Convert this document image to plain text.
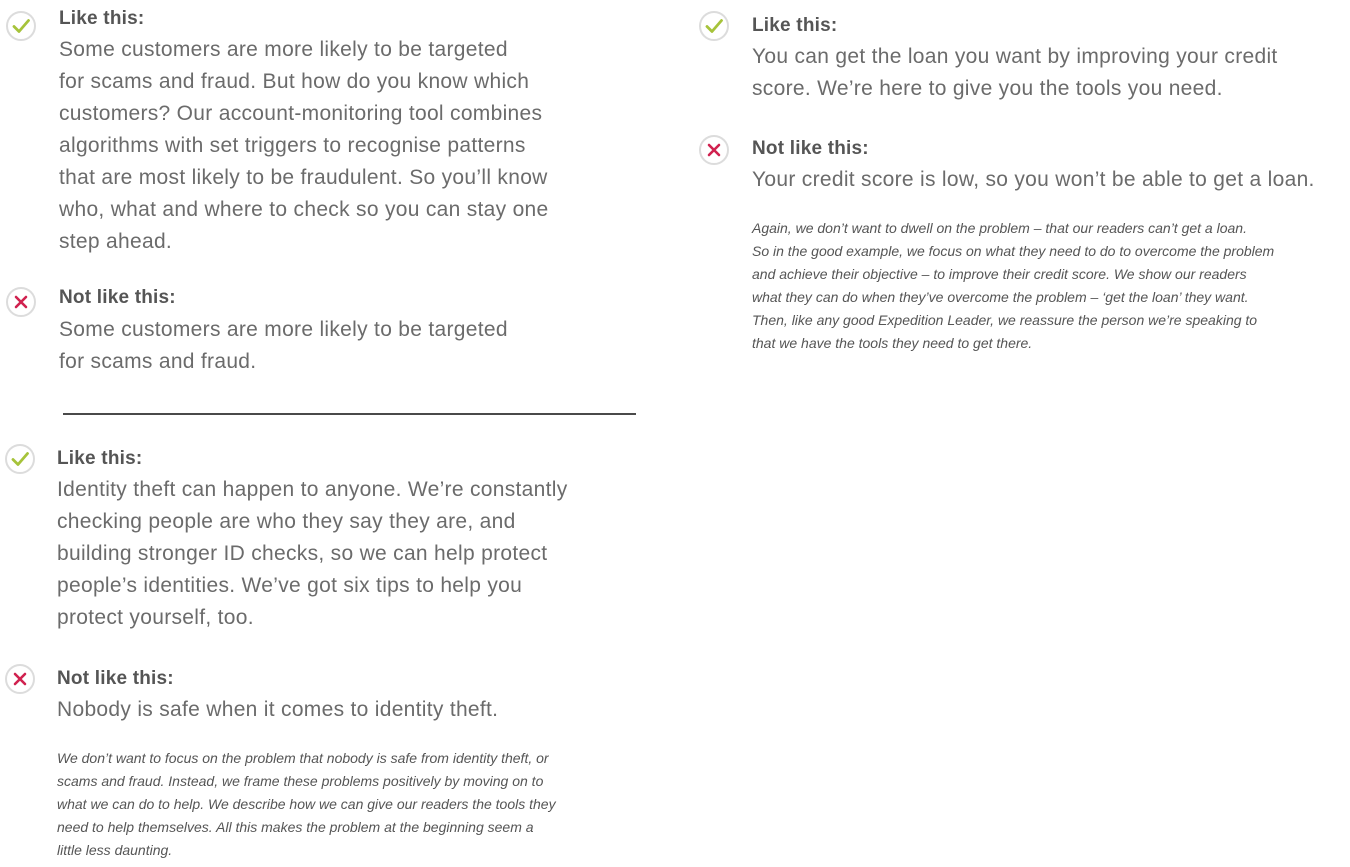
Like this:
Some customers are more likely to be targeted
for scams and fraud. But how do you know which
customers? Our account-monitoring tool combines
algorithms with set triggers to recognise patterns
that are most likely to be fraudulent. So you’ll know
who, what and where to check so you can stay one
step ahead.
Not like this:
Some customers are more likely to be targeted
for scams and fraud.
Like this:
Identity theft can happen to anyone. We’re constantly
checking people are who they say they are, and
building stronger ID checks, so we can help protect
people’s identities. We’ve got six tips to help you
protect yourself, too.
Not like this:
Nobody is safe when it comes to identity theft.
We don’t want to focus on the problem that nobody is safe from identity theft, or
scams and fraud. Instead, we frame these problems positively by moving on to
what we can do to help. We describe how we can give our readers the tools they
need to help themselves. All this makes the problem at the beginning seem a
little less daunting.
Like this:
You can get the loan you want by improving your credit
score. We’re here to give you the tools you need.
Not like this:
Your credit score is low, so you won’t be able to get a loan.
Again, we don’t want to dwell on the problem – that our readers can’t get a loan.
So in the good example, we focus on what they need to do to overcome the problem
and achieve their objective – to improve their credit score. We show our readers
what they can do when they’ve overcome the problem – ‘get the loan’ they want.
Then, like any good Expedition Leader, we reassure the person we’re speaking to
that we have the tools they need to get there.
